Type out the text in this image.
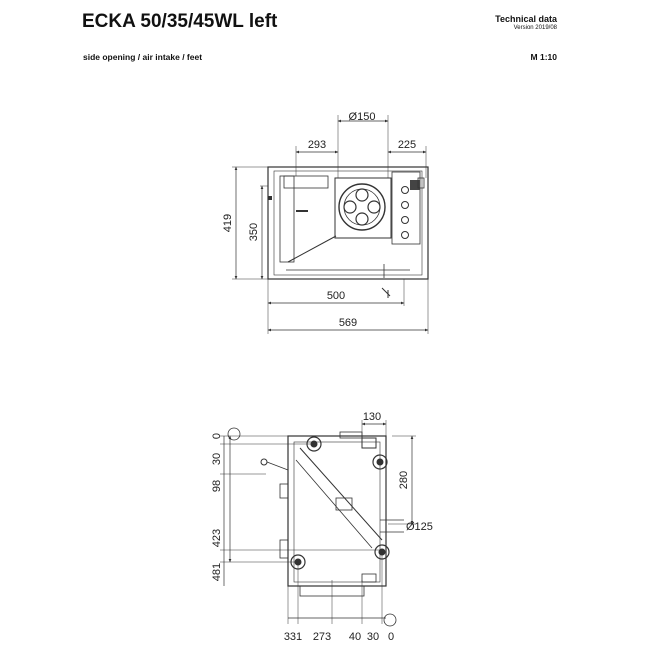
ECKA 50/35/45WL left
side opening / air intake / feet
Technical data
Version 2019/08
M 1:10
Ø150
293	225
419 350
500
569
130
280
Ø125
0
30
98
423
481
331 273 40 30 0
